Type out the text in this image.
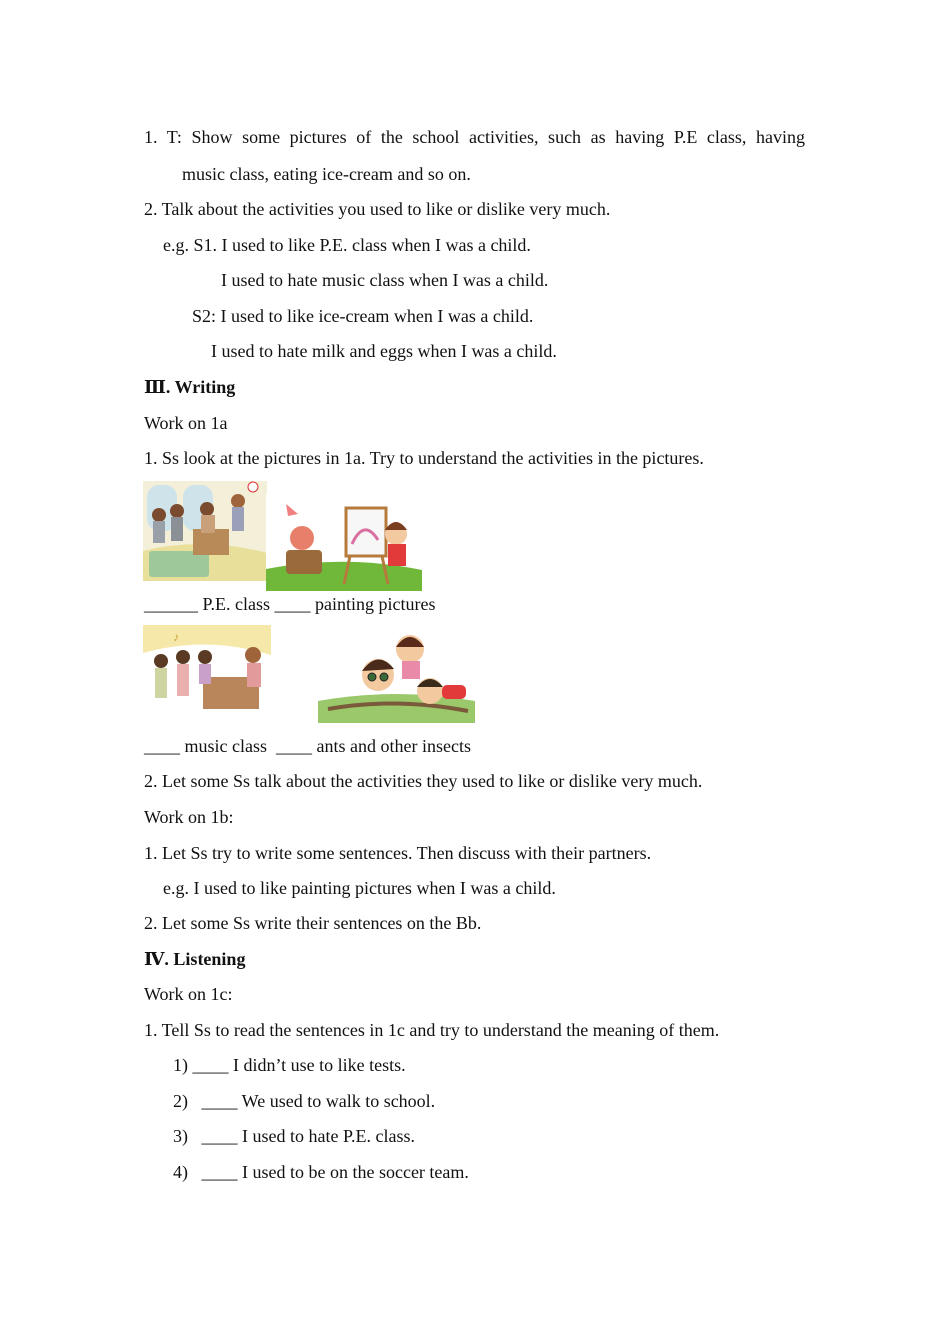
1. T: Show some pictures of the school activities, such as having P.E class, having
music class, eating ice-cream and so on.
2. Talk about the activities you used to like or dislike very much.
e.g. S1. I used to like P.E. class when I was a child.
I used to hate music class when I was a child.
S2: I used to like ice-cream when I was a child.
I used to hate milk and eggs when I was a child.
Ⅲ. Writing
Work on 1a
1. Ss look at the pictures in 1a. Try to understand the activities in the pictures.
______ P.E. class ____ painting pictures
♪
____ music class  ____ ants and other insects
2. Let some Ss talk about the activities they used to like or dislike very much.
Work on 1b:
1. Let Ss try to write some sentences. Then discuss with their partners.
e.g. I used to like painting pictures when I was a child.
2. Let some Ss write their sentences on the Bb.
Ⅳ. Listening
Work on 1c:
1. Tell Ss to read the sentences in 1c and try to understand the meaning of them.
1) ____ I didn’t use to like tests.
2)   ____ We used to walk to school.
3)   ____ I used to hate P.E. class.
4)   ____ I used to be on the soccer team.
